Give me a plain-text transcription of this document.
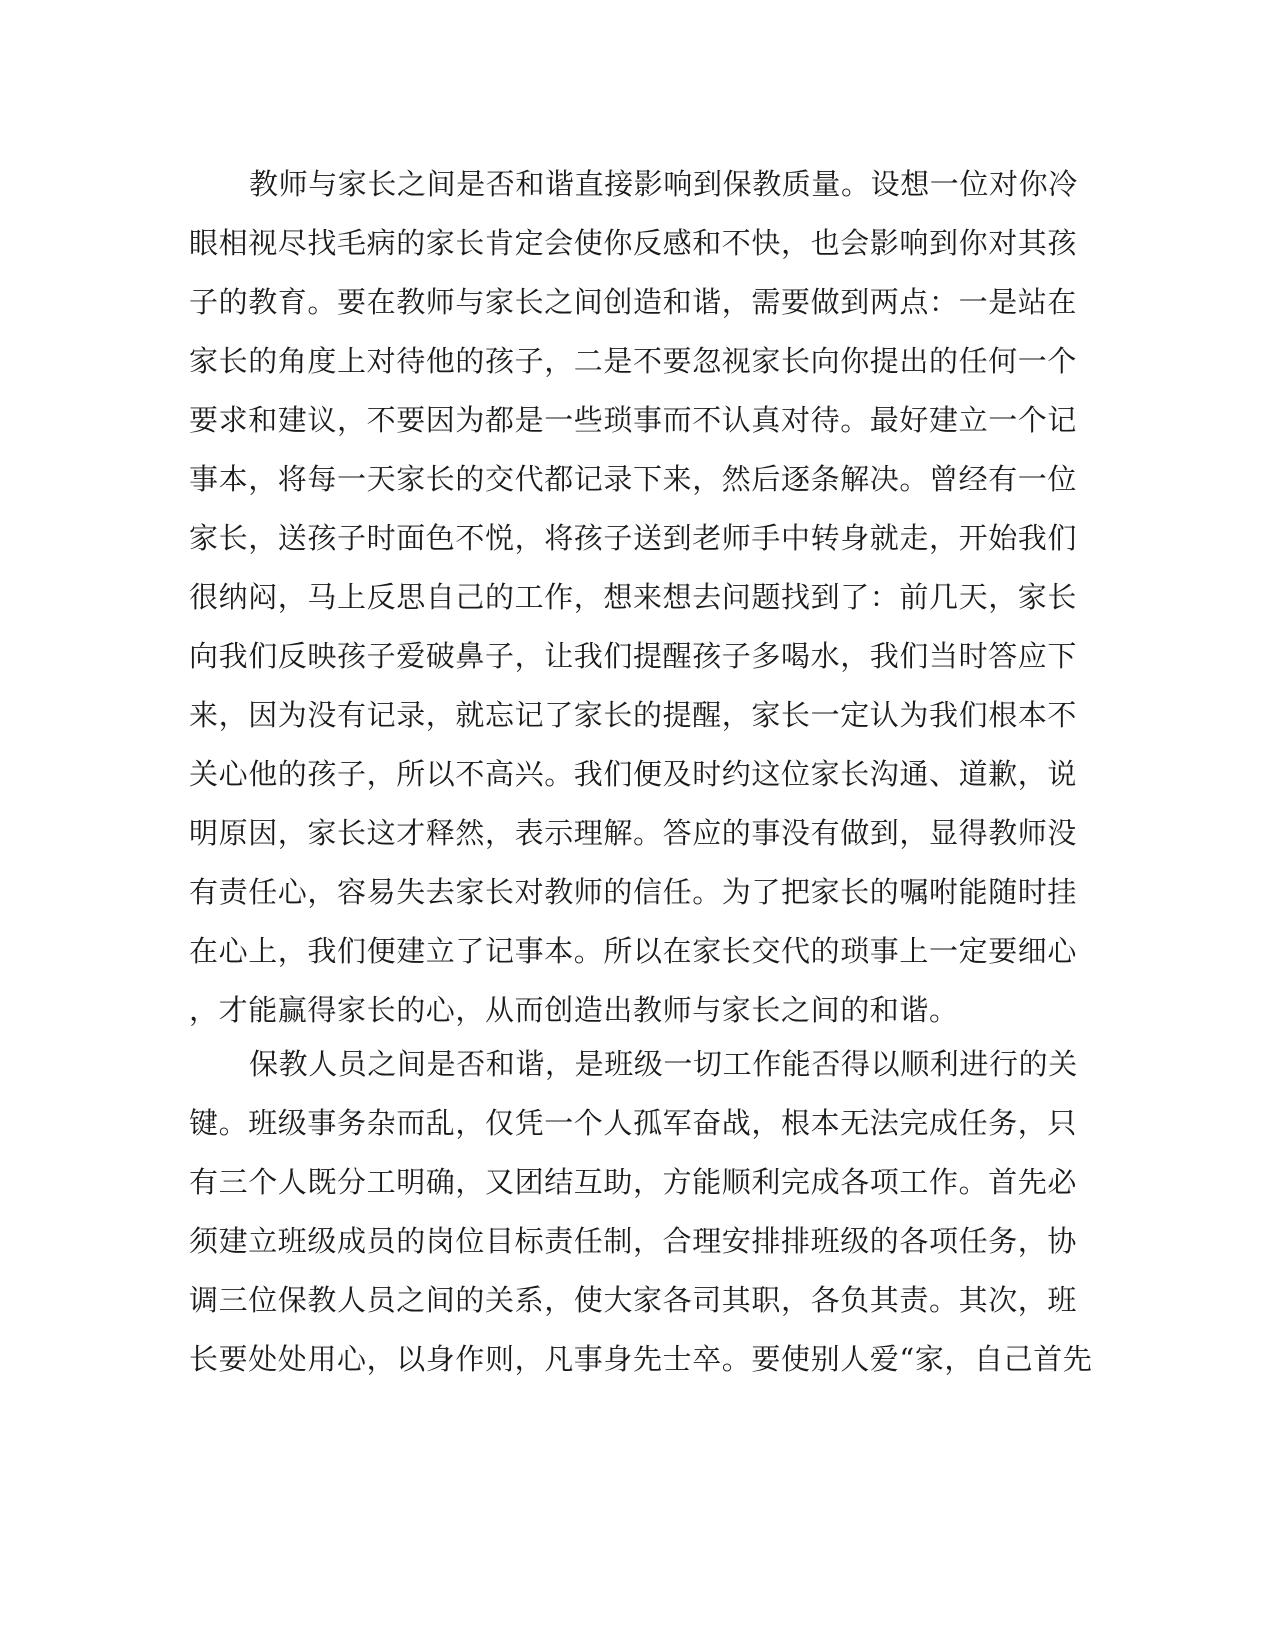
教师与家长之间是否和谐直接影响到保教质量。设想一位对你冷
眼相视尽找毛病的家长肯定会使你反感和不快，也会影响到你对其孩
子的教育。要在教师与家长之间创造和谐，需要做到两点：一是站在
家长的角度上对待他的孩子，二是不要忽视家长向你提出的任何一个
要求和建议，不要因为都是一些琐事而不认真对待。最好建立一个记
事本，将每一天家长的交代都记录下来，然后逐条解决。曾经有一位
家长，送孩子时面色不悦，将孩子送到老师手中转身就走，开始我们
很纳闷，马上反思自己的工作，想来想去问题找到了：前几天，家长
向我们反映孩子爱破鼻子，让我们提醒孩子多喝水，我们当时答应下
来，因为没有记录，就忘记了家长的提醒，家长一定认为我们根本不
关心他的孩子，所以不高兴。我们便及时约这位家长沟通、道歉，说
明原因，家长这才释然，表示理解。答应的事没有做到，显得教师没
有责任心，容易失去家长对教师的信任。为了把家长的嘱咐能随时挂
在心上，我们便建立了记事本。所以在家长交代的琐事上一定要细心
，才能赢得家长的心，从而创造出教师与家长之间的和谐。
保教人员之间是否和谐，是班级一切工作能否得以顺利进行的关
键。班级事务杂而乱，仅凭一个人孤军奋战，根本无法完成任务，只
有三个人既分工明确，又团结互助，方能顺利完成各项工作。首先必
须建立班级成员的岗位目标责任制，合理安排排班级的各项任务，协
调三位保教人员之间的关系，使大家各司其职，各负其责。其次，班
长要处处用心，以身作则，凡事身先士卒。要使别人爱“家，自己首先
